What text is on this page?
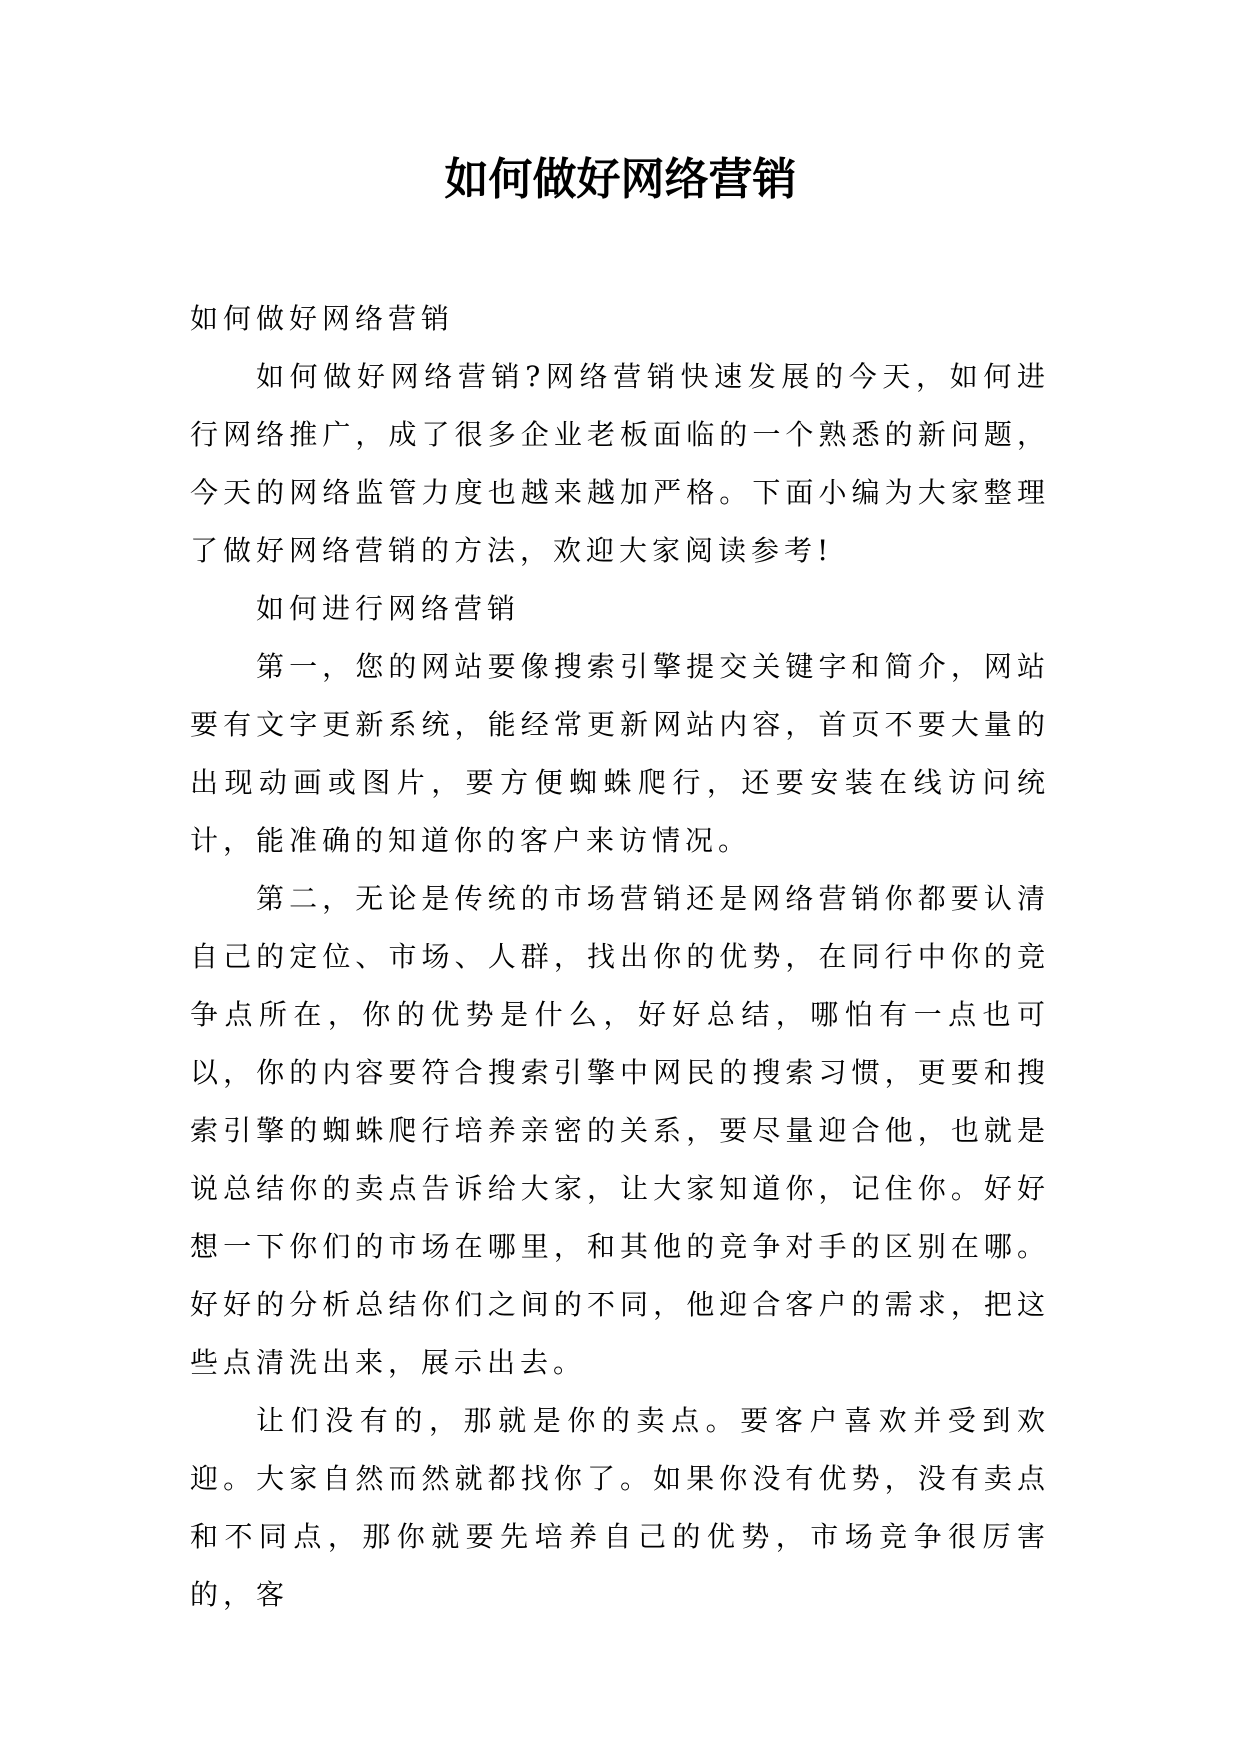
如何做好网络营销

如何做好网络营销

如何做好网络营销?网络营销快速发展的今天，如何进行网络推广，成了很多企业老板面临的一个熟悉的新问题，今天的网络监管力度也越来越加严格。下面小编为大家整理了做好网络营销的方法，欢迎大家阅读参考!

如何进行网络营销

第一，您的网站要像搜索引擎提交关键字和简介，网站要有文字更新系统，能经常更新网站内容，首页不要大量的出现动画或图片，要方便蜘蛛爬行，还要安装在线访问统计，能准确的知道你的客户来访情况。

第二，无论是传统的市场营销还是网络营销你都要认清自己的定位、市场、人群，找出你的优势，在同行中你的竞争点所在，你的优势是什么，好好总结，哪怕有一点也可以，你的内容要符合搜索引擎中网民的搜索习惯，更要和搜索引擎的蜘蛛爬行培养亲密的关系，要尽量迎合他，也就是说总结你的卖点告诉给大家，让大家知道你，记住你。好好想一下你们的市场在哪里，和其他的竞争对手的区别在哪。好好的分析总结你们之间的不同，他迎合客户的需求，把这些点清洗出来，展示出去。

让们没有的，那就是你的卖点。要客户喜欢并受到欢迎。大家自然而然就都找你了。如果你没有优势，没有卖点和不同点，那你就要先培养自己的优势，市场竞争很厉害的，客
